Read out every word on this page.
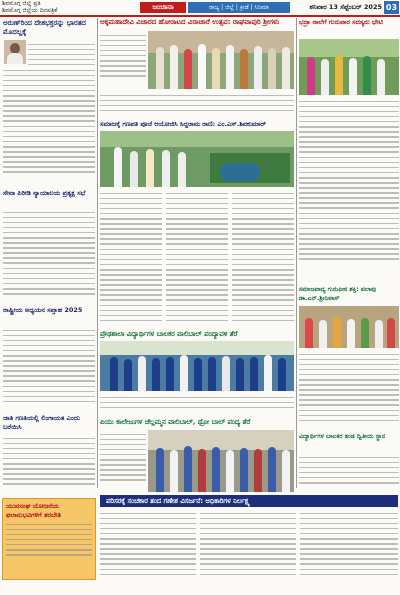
ಶಿವಮೊಗ್ಗ ಜಿಲ್ಲೆ ಪ್ರತಿ
ಶಿವಮೊಗ್ಗ ಜಿಲ್ಲೆಯ ದಿನಪತ್ರಿಕೆ	ಜಂಜಾನಾ	ರಾಜ್ಯ | ಜಿಲ್ಲೆ | ಕ್ರೀಡೆ | ಸಿನಿಮಾ	ಶನಿವಾರ 13 ಸೆಪ್ಟೆಂಬರ್ 2025 03
ಅರುಣ್‌ರಿಂದ ದೇಶಭಕ್ತರನ್ನು ಭಾರತದ ಮೊದಲ್ಲಕ್ಕೆ
ಸೇವಾ ಪಿರೀಡಿ ನ್ಯಾಯಾಲಯ ಪ್ರತ್ಯಕ್ಷ ಸಭೆ
ರಾಷ್ಟ್ರೀಯ ಅಧ್ಯಯನ ಸಪ್ತಾಹ 2025
ಜಾತಿ ಗಣತಿಯಲ್ಲಿ ಲಿಂಗಾಯತ ಎಂದು ಬರೆಯಿಸಿ
ಯುವಸಂಘ ಯೋಜನೆಯ ಫಲಾನುಭವಿಗಳಿಗೆ ತರಬೇತಿ
ಅಕ್ಕಮಹಾದೇವಿ ವಿಚಾರದ ಹೋರಾಟದ ವಿರಾಚಾರೆ ಉತ್ಸವ: ರಾಘವಾಪುರಿ ಶ್ರೀಗಳು
ಸಮಾಜಕ್ಕೆ ಗಣಪತಿ ಪೂಜೆ ಆಯೋಜಿಸಿ ಸಿದ್ದರಾಮ ರಾಣಿ: ಎಂ.ಎಸ್.ಶಿವಕುಮಾರ್
ಪ್ರೌಢಶಾಲಾ ವಿದ್ಯಾರ್ಥಿಗಳ ಬಾಲಕರ ವಾಲಿಬಾಲ್ ಪಂದ್ಯಾವಳಿ ತೆರೆ
ಪಿಯು ಕಾಲೇಜುಗಳ ಚೆಲ್ಲಮ್ಮನ ವಾಲಿಬಾಲ್, ಥ್ರೋ ಬಾಲ್ ಪಂದ್ಯ ತೆರೆ
ಭದ್ರಾ ನಾಲೆಗೆ ಗುರುವಾರ ಸದಸ್ಯರು ಭೇಟಿ
ಸಮಾಜವಾದ್ಯ ಗುರುಪೀಠ ಶಕ್ತಿ: ಪಲಾವು ಡಾ.ಎನ್.ಶ್ರೀನಿವಾಸ್
ವಿದ್ಯಾರ್ಥಿಗಳ ಬಾಲಕರ ತಂಡ ದ್ವಿತೀಯ ಸ್ಥಾನ
ಪರಿಸರಕ್ಕೆ ಸಂಚಕಾರ ತಂದ ಗಣೇಶ ವಿಸರ್ಜನೆ: ಅಧಿಕಾರಿಗಳ ನಿರ್ಲಕ್ಷ್ಯ
